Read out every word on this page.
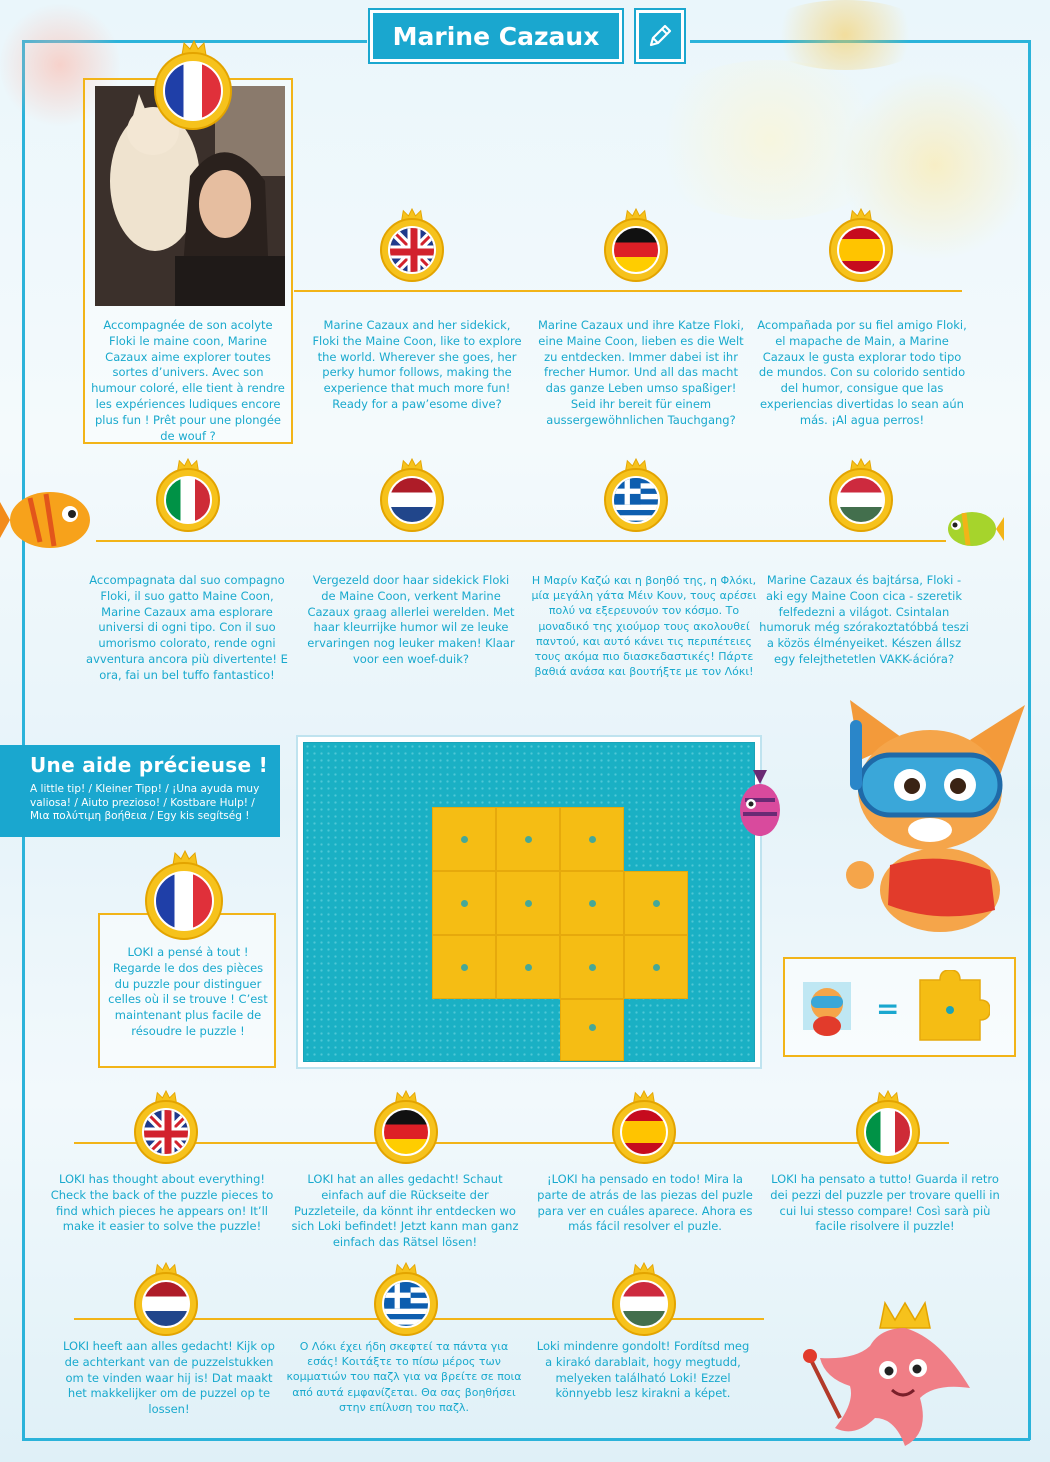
Marine Cazaux
Accompagnée de son acolyte Floki le maine coon, Marine Cazaux aime explorer toutes sortes d’univers. Avec son humour coloré, elle tient à rendre les expériences ludiques encore plus fun ! Prêt pour une plongée de wouf ?
Marine Cazaux and her sidekick, Floki the Maine Coon, like to explore the world. Wherever she goes, her perky humor follows, making the experience that much more fun! Ready for a paw’esome dive?
Marine Cazaux und ihre Katze Floki, eine Maine Coon, lieben es die Welt zu entdecken. Immer dabei ist ihr frecher Humor. Und all das macht das ganze Leben umso spaßiger! Seid ihr bereit für einem aussergewöhnlichen Tauchgang?
Acompañada por su fiel amigo Floki, el mapache de Main, a Marine Cazaux le gusta explorar todo tipo de mundos. Con su colorido sentido del humor, consigue que las experiencias divertidas lo sean aún más. ¡Al agua perros!
Accompagnata dal suo compagno Floki, il suo gatto Maine Coon, Marine Cazaux ama esplorare universi di ogni tipo. Con il suo umorismo colorato, rende ogni avventura ancora più divertente! E ora, fai un bel tuffo fantastico!
Vergezeld door haar sidekick Floki de Maine Coon, verkent Marine Cazaux graag allerlei werelden. Met haar kleurrijke humor wil ze leuke ervaringen nog leuker maken! Klaar voor een woef-duik?
Η Μαρίν Καζώ και η βοηθό της, η Φλόκι, μία μεγάλη γάτα Μέιν Κουν, τους αρέσει πολύ να εξερευνούν τον κόσμο. Το μοναδικό της χιούμορ τους ακολουθεί παντού, και αυτό κάνει τις περιπέτειες τους ακόμα πιο διασκεδαστικές! Πάρτε βαθιά ανάσα και βουτήξτε με τον Λόκι!
Marine Cazaux és bajtársa, Floki - aki egy Maine Coon cica - szeretik felfedezni a világot. Csintalan humoruk még szórakoztatóbbá teszi a közös élményeiket. Készen állsz egy felejthetetlen VAKK-ációra?
Une aide précieuse !
A little tip! / Kleiner Tipp! / ¡Una ayuda muy valiosa! / Aiuto prezioso! / Kostbare Hulp! / Μια πολύτιμη βοήθεια / Egy kis segítség !
LOKI a pensé à tout ! Regarde le dos des pièces du puzzle pour distinguer celles où il se trouve ! C’est maintenant plus facile de résoudre le puzzle !
=
LOKI has thought about everything! Check the back of the puzzle pieces to find which pieces he appears on! It’ll make it easier to solve the puzzle!
LOKI hat an alles gedacht! Schaut einfach auf die Rückseite der Puzzleteile, da könnt ihr entdecken wo sich Loki befindet! Jetzt kann man ganz einfach das Rätsel lösen!
¡LOKI ha pensado en todo! Mira la parte de atrás de las piezas del puzle para ver en cuáles aparece. Ahora es más fácil resolver el puzle.
LOKI ha pensato a tutto! Guarda il retro dei pezzi del puzzle per trovare quelli in cui lui stesso compare! Così sarà più facile risolvere il puzzle!
LOKI heeft aan alles gedacht! Kijk op de achterkant van de puzzelstukken om te vinden waar hij is! Dat maakt het makkelijker om de puzzel op te lossen!
Ο Λόκι έχει ήδη σκεφτεί τα πάντα για εσάς! Κοιτάξτε το πίσω μέρος των κομματιών του παζλ για να βρείτε σε ποια από αυτά εμφανίζεται. Θα σας βοηθήσει στην επίλυση του παζλ.
Loki mindenre gondolt! Fordítsd meg a kirakó darablait, hogy megtudd, melyeken található Loki! Ezzel könnyebb lesz kirakni a képet.
